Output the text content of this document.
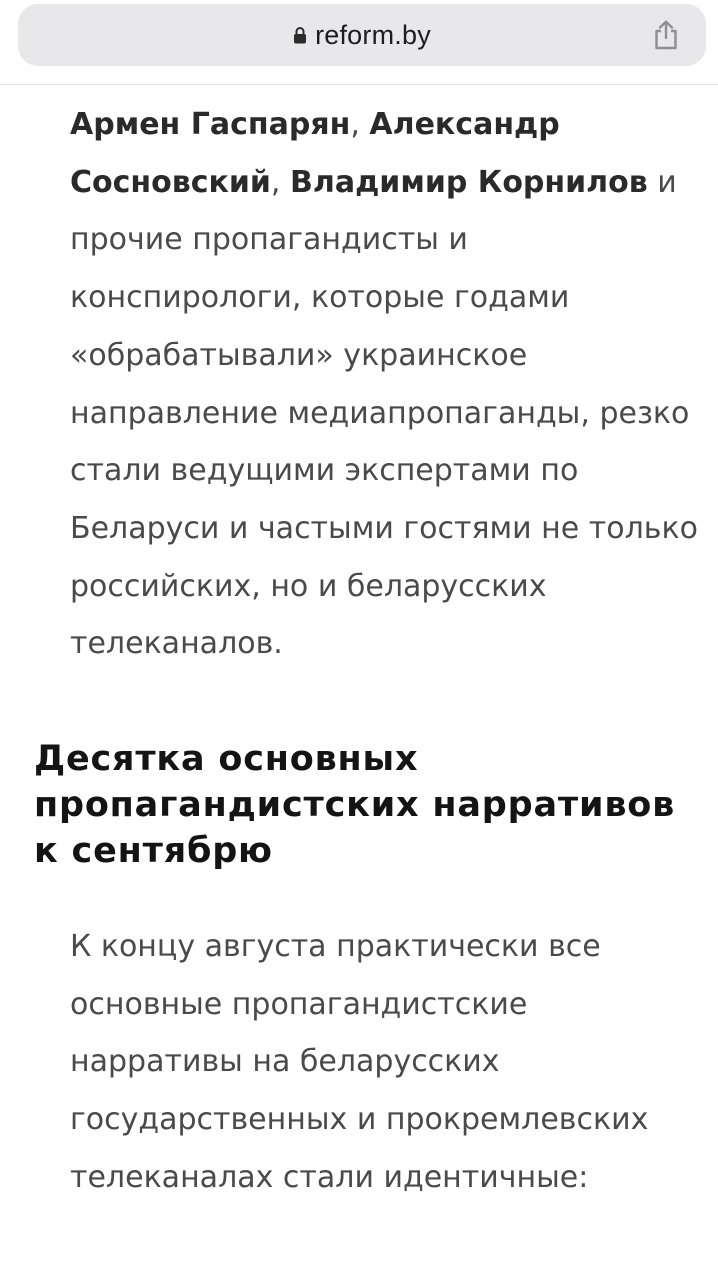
reform.by

Армен Гаспарян, Александр Сосновский, Владимир Корнилов и прочие пропагандисты и конспирологи, которые годами «обрабатывали» украинское направление медиапропаганды, резко стали ведущими экспертами по Беларуси и частыми гостями не только российских, но и беларусских телеканалов.

Десятка основных пропагандистских нарративов к сентябрю

К концу августа практически все основные пропагандистские нарративы на беларусских государственных и прокремлевских телеканалах стали идентичные:
